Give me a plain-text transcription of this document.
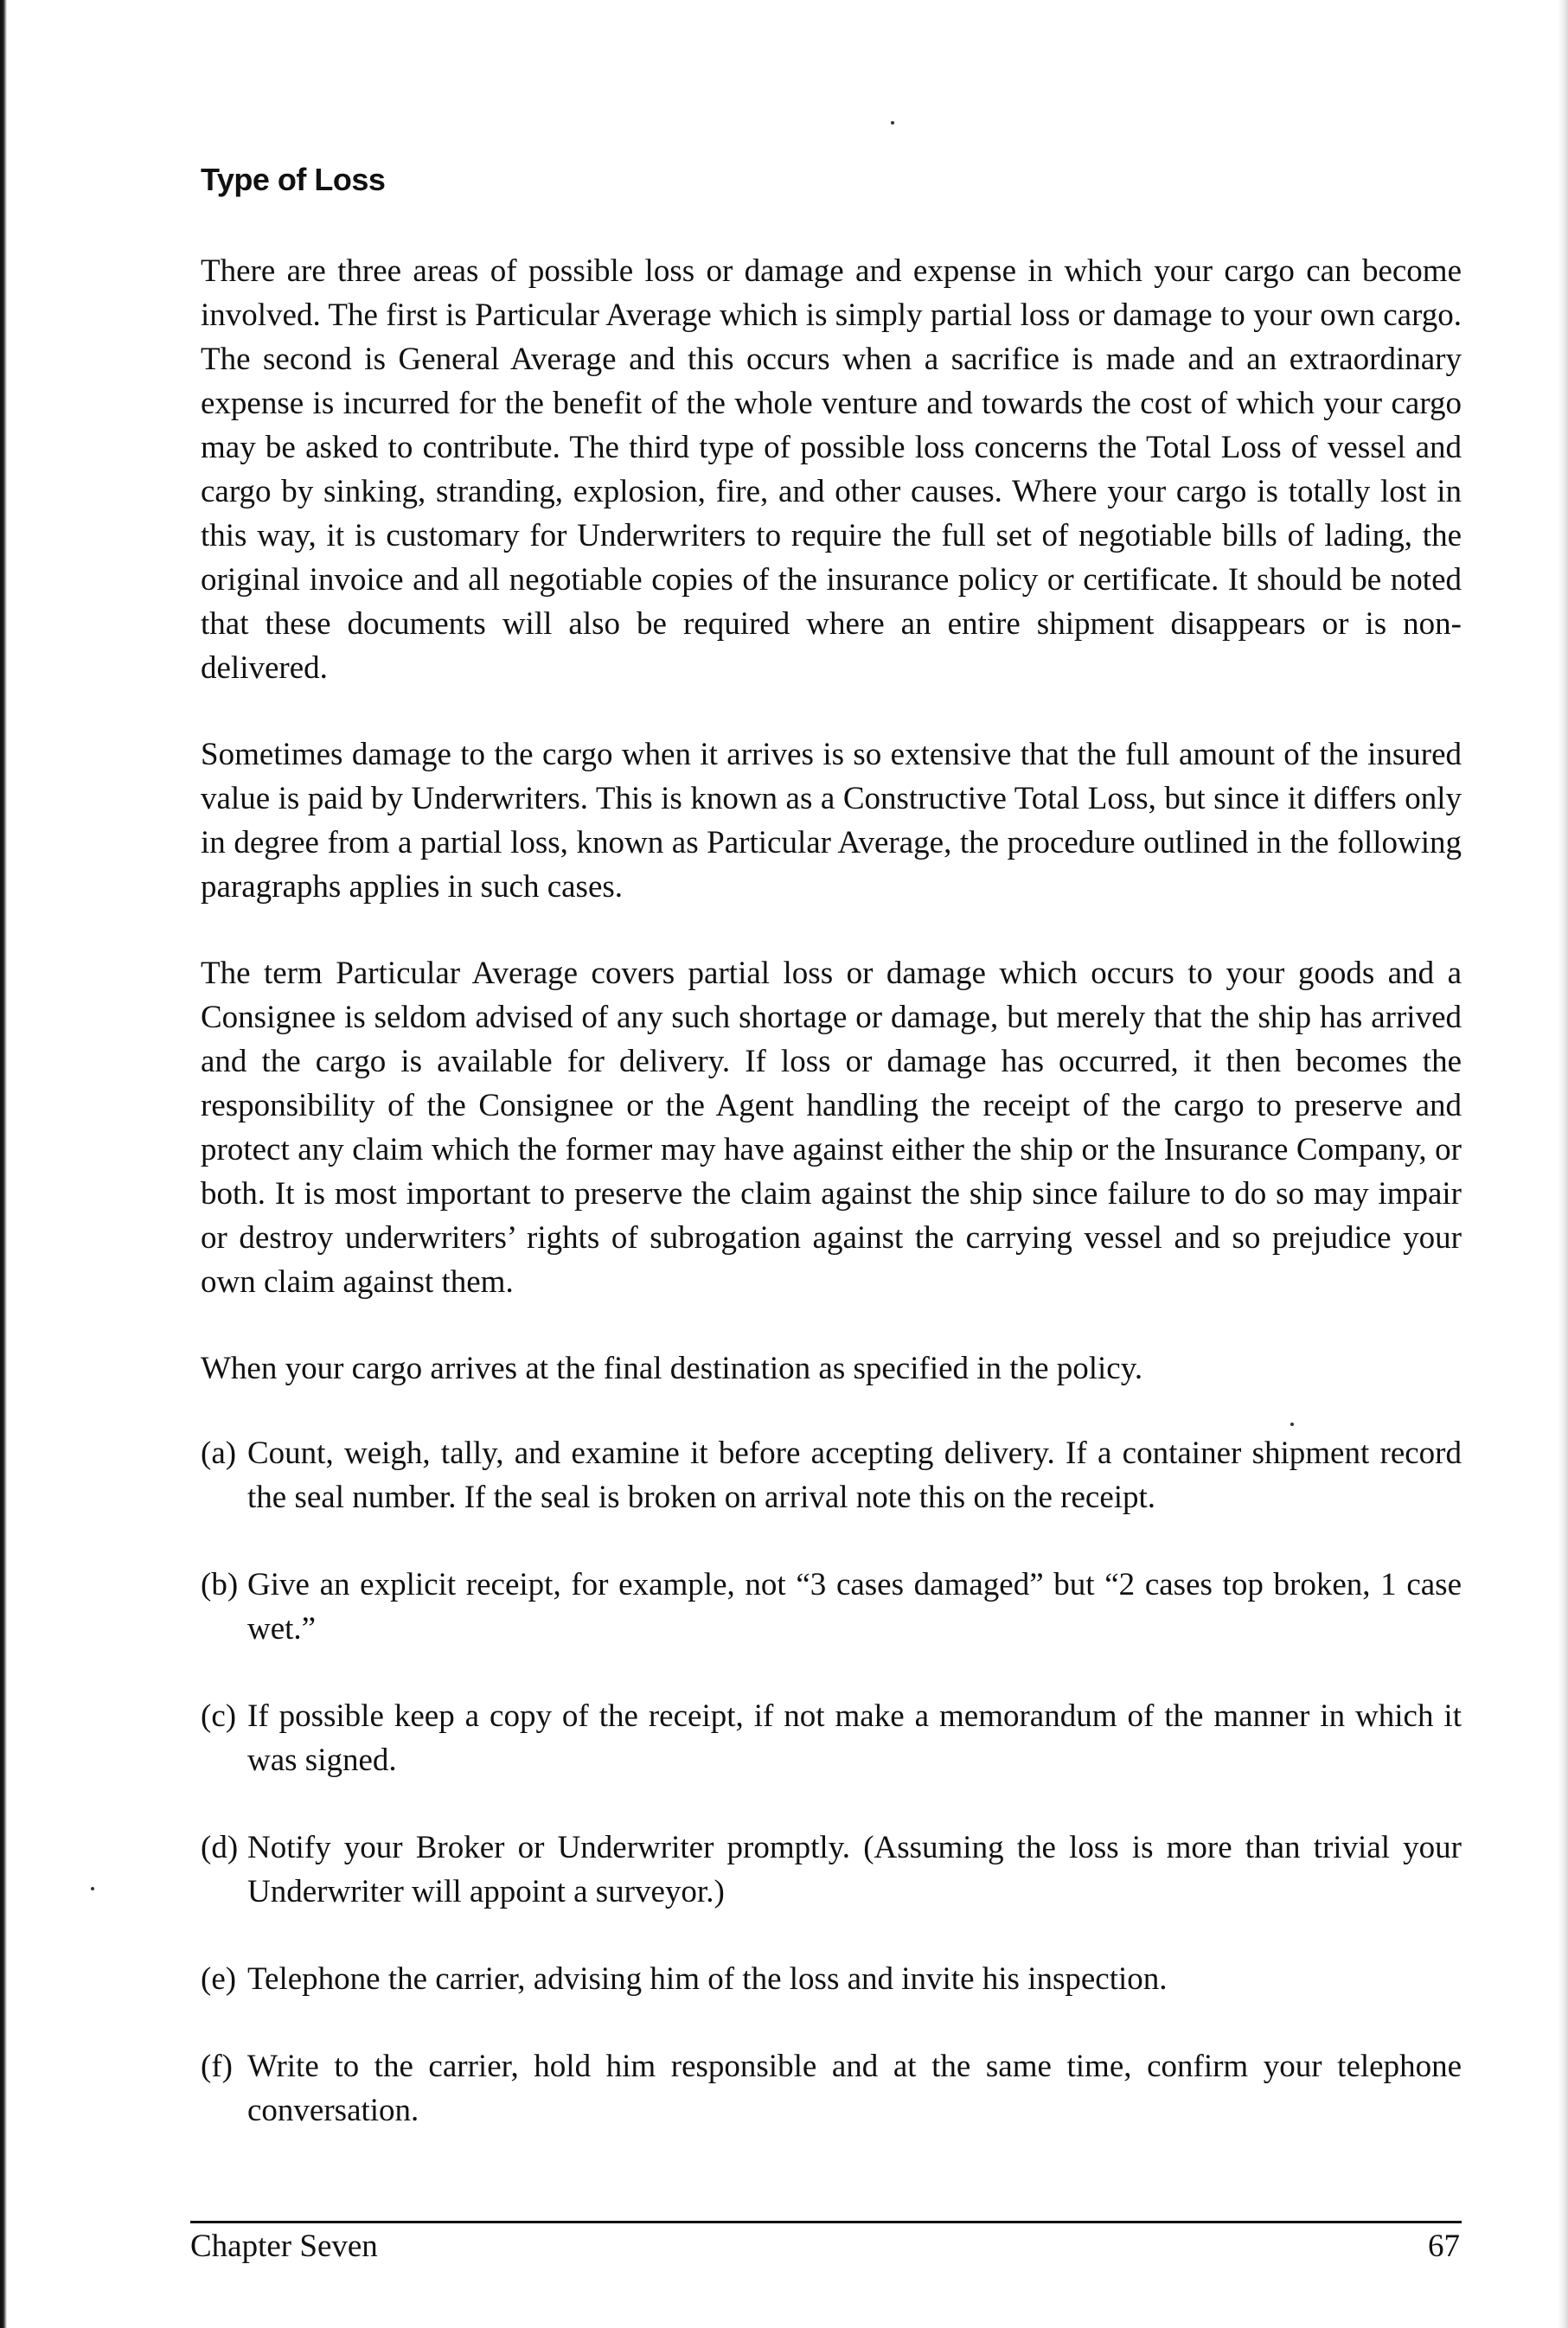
Type of Loss

There are three areas of possible loss or damage and expense in which your cargo can become involved. The first is Particular Average which is simply partial loss or damage to your own cargo. The second is General Average and this occurs when a sacrifice is made and an extraordinary expense is incurred for the benefit of the whole venture and towards the cost of which your cargo may be asked to contribute. The third type of possible loss concerns the Total Loss of vessel and cargo by sinking, stranding, explosion, fire, and other causes. Where your cargo is totally lost in this way, it is customary for Underwriters to require the full set of negotiable bills of lading, the original invoice and all negotiable copies of the insurance policy or certificate. It should be noted that these documents will also be required where an entire shipment disappears or is non-delivered.

Sometimes damage to the cargo when it arrives is so extensive that the full amount of the insured value is paid by Underwriters. This is known as a Constructive Total Loss, but since it differs only in degree from a partial loss, known as Particular Average, the procedure outlined in the following paragraphs applies in such cases.

The term Particular Average covers partial loss or damage which occurs to your goods and a Consignee is seldom advised of any such shortage or damage, but merely that the ship has arrived and the cargo is available for delivery. If loss or damage has occurred, it then becomes the responsibility of the Consignee or the Agent handling the receipt of the cargo to preserve and protect any claim which the former may have against either the ship or the Insurance Company, or both. It is most important to preserve the claim against the ship since failure to do so may impair or destroy underwriters’ rights of subrogation against the carrying vessel and so prejudice your own claim against them.

When your cargo arrives at the final destination as specified in the policy.

(a) Count, weigh, tally, and examine it before accepting delivery. If a container shipment record the seal number. If the seal is broken on arrival note this on the receipt.
(b) Give an explicit receipt, for example, not “3 cases damaged” but “2 cases top broken, 1 case wet.”
(c) If possible keep a copy of the receipt, if not make a memorandum of the manner in which it was signed.
(d) Notify your Broker or Underwriter promptly. (Assuming the loss is more than trivial your Underwriter will appoint a surveyor.)
(e) Telephone the carrier, advising him of the loss and invite his inspection.
(f) Write to the carrier, hold him responsible and at the same time, confirm your telephone conversation.
Chapter Seven	67
